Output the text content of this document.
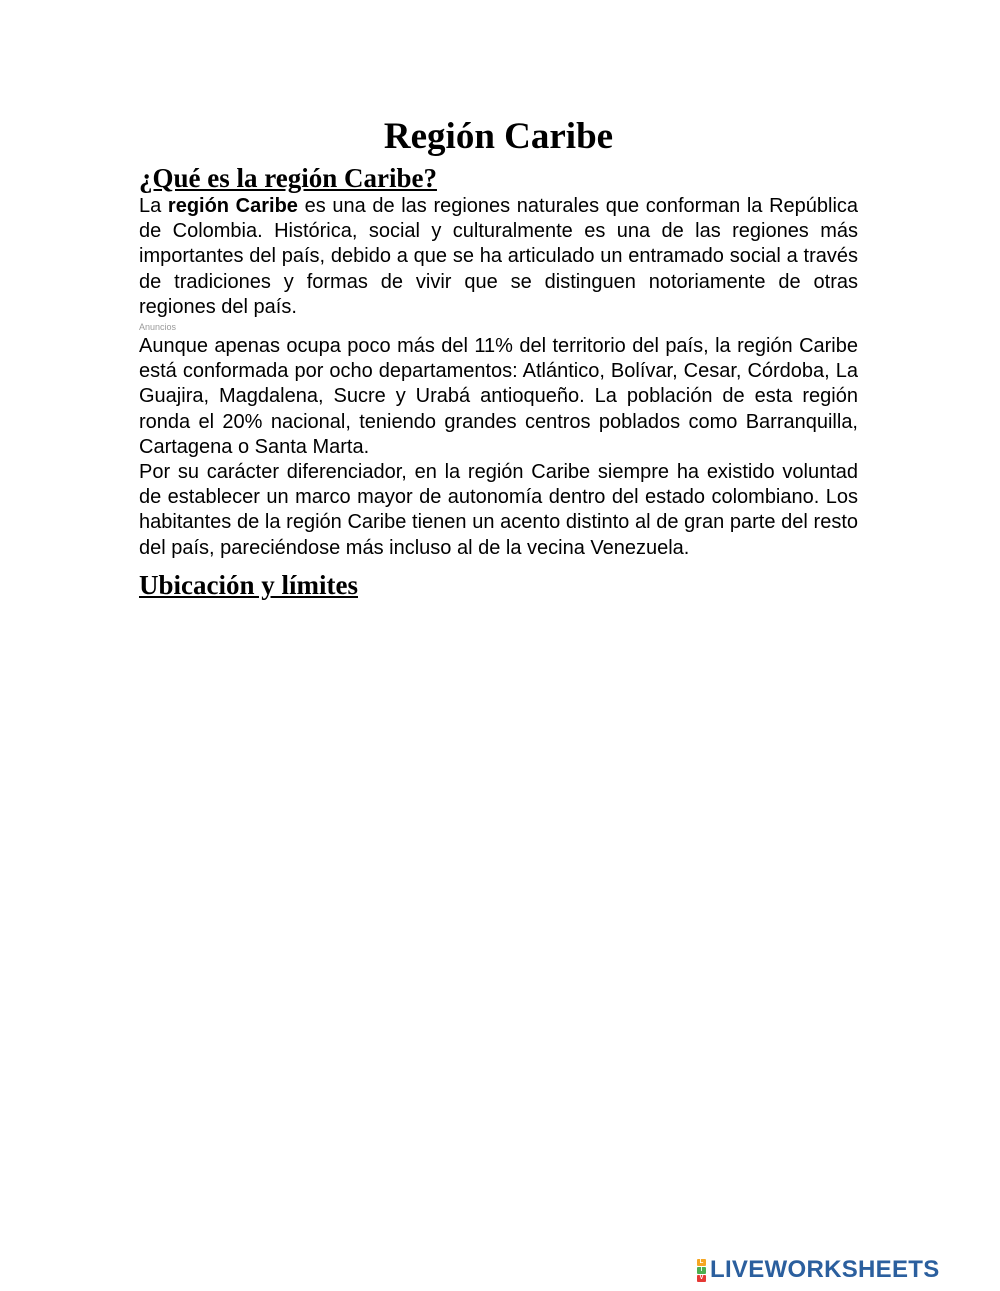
Región Caribe
¿Qué es la región Caribe?

La región Caribe es una de las regiones naturales que conforman la República de Colombia. Histórica, social y culturalmente es una de las regiones más importantes del país, debido a que se ha articulado un entramado social a través de tradiciones y formas de vivir que se distinguen notoriamente de otras regiones del país.

Anuncios

Aunque apenas ocupa poco más del 11% del territorio del país, la región Caribe está conformada por ocho departamentos: Atlántico, Bolívar, Cesar, Córdoba, La Guajira, Magdalena, Sucre y Urabá antioqueño. La población de esta región ronda el 20% nacional, teniendo grandes centros poblados como Barranquilla, Cartagena o Santa Marta.

Por su carácter diferenciador, en la región Caribe siempre ha existido voluntad de establecer un marco mayor de autonomía dentro del estado colombiano. Los habitantes de la región Caribe tienen un acento distinto al de gran parte del resto del país, pareciéndose más incluso al de la vecina Venezuela.

Ubicación y límites
L
I
V LIVEWORKSHEETS
